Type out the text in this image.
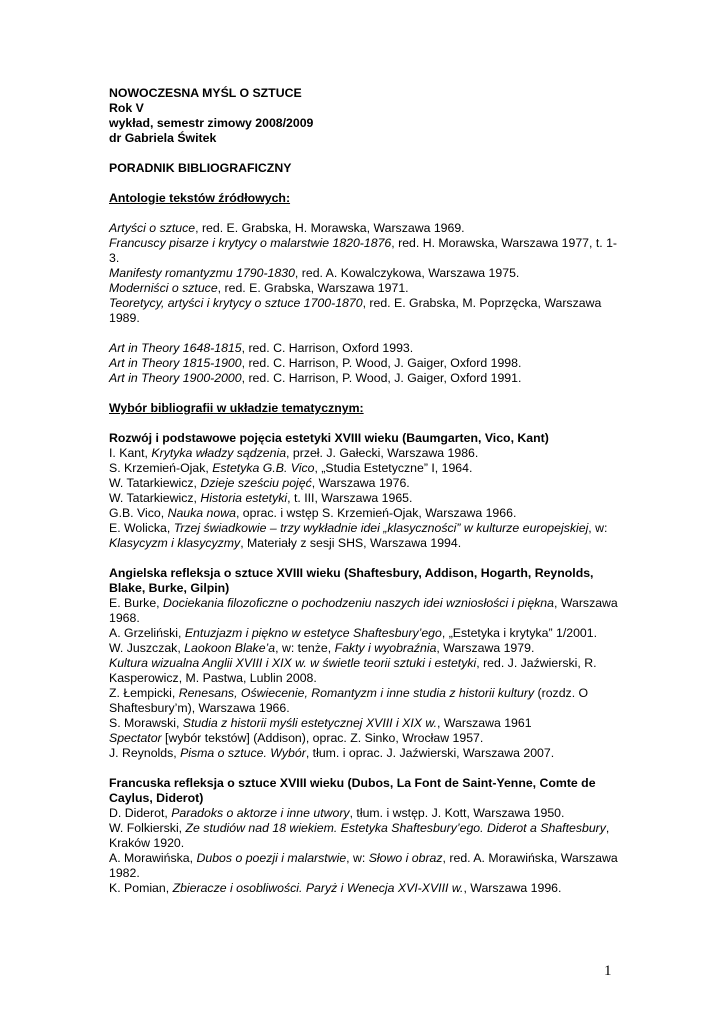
NOWOCZESNA MYŚL O SZTUCE
Rok V
wykład, semestr zimowy 2008/2009
dr Gabriela Świtek
PORADNIK BIBLIOGRAFICZNY
Antologie tekstów źródłowych:
Artyści o sztuce, red. E. Grabska, H. Morawska, Warszawa 1969.
Francuscy pisarze i krytycy o malarstwie 1820-1876, red. H. Morawska, Warszawa 1977, t. 1-3.
Manifesty romantyzmu 1790-1830, red. A. Kowalczykowa, Warszawa 1975.
Moderniści o sztuce, red. E. Grabska, Warszawa 1971.
Teoretycy, artyści i krytycy o sztuce 1700-1870, red. E. Grabska, M. Poprzęcka, Warszawa 1989.
Art in Theory 1648-1815, red. C. Harrison, Oxford 1993.
Art in Theory 1815-1900, red. C. Harrison, P. Wood, J. Gaiger, Oxford 1998.
Art in Theory 1900-2000, red. C. Harrison, P. Wood, J. Gaiger, Oxford 1991.
Wybór bibliografii w układzie tematycznym:
Rozwój i podstawowe pojęcia estetyki XVIII wieku (Baumgarten, Vico, Kant)
I. Kant, Krytyka władzy sądzenia, przeł. J. Gałecki, Warszawa 1986.
S. Krzemień-Ojak, Estetyka G.B. Vico, „Studia Estetyczne” I, 1964.
W. Tatarkiewicz, Dzieje sześciu pojęć, Warszawa 1976.
W. Tatarkiewicz, Historia estetyki, t. III, Warszawa 1965.
G.B. Vico, Nauka nowa, oprac. i wstęp S. Krzemień-Ojak, Warszawa 1966.
E. Wolicka, Trzej świadkowie – trzy wykładnie idei „klasyczności” w kulturze europejskiej, w: Klasycyzm i klasycyzmy, Materiały z sesji SHS, Warszawa 1994.
Angielska refleksja o sztuce XVIII wieku (Shaftesbury, Addison, Hogarth, Reynolds, Blake, Burke, Gilpin)
E. Burke, Dociekania filozoficzne o pochodzeniu naszych idei wzniosłości i piękna, Warszawa 1968.
A. Grzeliński, Entuzjazm i piękno w estetyce Shaftesbury’ego, „Estetyka i krytyka” 1/2001.
W. Juszczak, Laokoon Blake’a, w: tenże, Fakty i wyobraźnia, Warszawa 1979.
Kultura wizualna Anglii XVIII i XIX w. w świetle teorii sztuki i estetyki, red. J. Jaźwierski, R. Kasperowicz, M. Pastwa, Lublin 2008.
Z. Łempicki, Renesans, Oświecenie, Romantyzm i inne studia z historii kultury (rozdz. O Shaftesbury’m), Warszawa 1966.
S. Morawski, Studia z historii myśli estetycznej XVIII i XIX w., Warszawa 1961
Spectator [wybór tekstów] (Addison), oprac. Z. Sinko, Wrocław 1957.
J. Reynolds, Pisma o sztuce. Wybór, tłum. i oprac. J. Jaźwierski, Warszawa 2007.
Francuska refleksja o sztuce XVIII wieku (Dubos, La Font de Saint-Yenne, Comte de Caylus, Diderot)
D. Diderot, Paradoks o aktorze i inne utwory, tłum. i wstęp. J. Kott, Warszawa 1950.
W. Folkierski, Ze studiów nad 18 wiekiem. Estetyka Shaftesbury’ego. Diderot a Shaftesbury, Kraków 1920.
A. Morawińska, Dubos o poezji i malarstwie, w: Słowo i obraz, red. A. Morawińska, Warszawa 1982.
K. Pomian, Zbieracze i osobliwości. Paryż i Wenecja XVI-XVIII w., Warszawa 1996.
1
